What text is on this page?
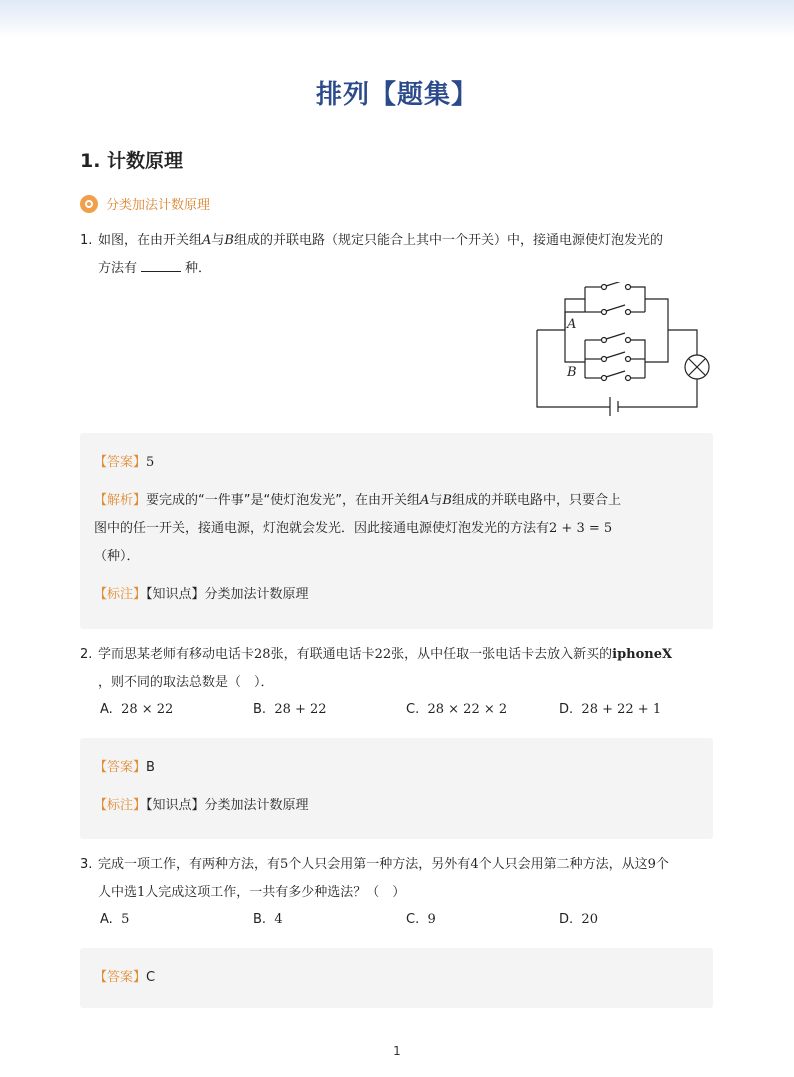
排列【题集】
1. 计数原理
分类加法计数原理
1. 如图，在由开关组A与B组成的并联电路（规定只能合上其中一个开关）中，接通电源使灯泡发光的
方法有	种．
A
B
【答案】5
【解析】要完成的“一件事”是“使灯泡发光”，在由开关组A与B组成的并联电路中，只要合上
图中的任一开关，接通电源，灯泡就会发光．因此接通电源使灯泡发光的方法有2 + 3 = 5
（种）．
【标注】【知识点】分类加法计数原理
2. 学而思某老师有移动电话卡28张，有联通电话卡22张，从中任取一张电话卡去放入新买的iphoneX
，则不同的取法总数是（　）．
A. 28 × 22	B. 28 + 22	C. 28 × 22 × 2	D. 28 + 22 + 1
【答案】B
【标注】【知识点】分类加法计数原理
3. 完成一项工作，有两种方法，有5个人只会用第一种方法，另外有4个人只会用第二种方法，从这9个
人中选1人完成这项工作，一共有多少种选法？（　）
A. 5	B. 4	C. 9	D. 20
【答案】C
1
